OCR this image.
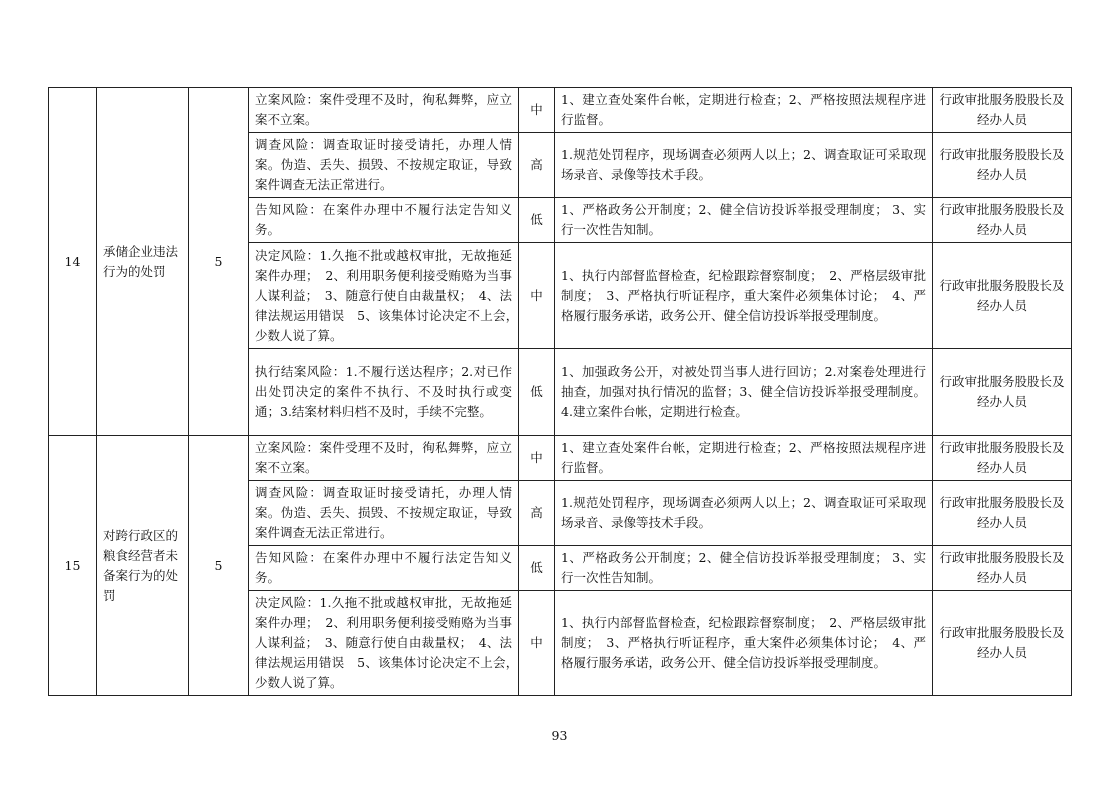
14	承储企业违法行为的处罚	5	立案风险：案件受理不及时，徇私舞弊，应立案不立案。	中	1、建立查处案件台帐，定期进行检查；2、严格按照法规程序进行监督。	行政审批服务股股长及经办人员
			调查风险：调查取证时接受请托，办理人情案。伪造、丢失、损毁、不按规定取证，导致案件调查无法正常进行。	高	1.规范处罚程序，现场调查必须两人以上；2、调查取证可采取现场录音、录像等技术手段。	行政审批服务股股长及经办人员
			告知风险：在案件办理中不履行法定告知义务。	低	1、严格政务公开制度；2、健全信访投诉举报受理制度； 3、实行一次性告知制。	行政审批服务股股长及经办人员
			决定风险：1.久拖不批或越权审批，无故拖延案件办理；　2、利用职务便利接受贿赂为当事人谋利益；　3、随意行使自由裁量权；　4、法律法规运用错误　5、该集体讨论决定不上会，　少数人说了算。	中	1、执行内部督监督检查，纪检跟踪督察制度；　2、严格层级审批制度；　3、严格执行听证程序，重大案件必须集体讨论；　4、严格履行服务承诺，政务公开、健全信访投诉举报受理制度。	行政审批服务股股长及经办人员
			执行结案风险：1.不履行送达程序；2.对已作出处罚决定的案件不执行、不及时执行或变通；3.结案材料归档不及时，手续不完整。	低	1、加强政务公开，对被处罚当事人进行回访；2.对案卷处理进行抽查，加强对执行情况的监督；3、健全信访投诉举报受理制度。4.建立案件台帐，定期进行检查。	行政审批服务股股长及经办人员
15	对跨行政区的粮食经营者未备案行为的处罚	5	立案风险：案件受理不及时，徇私舞弊，应立案不立案。	中	1、建立查处案件台帐，定期进行检查；2、严格按照法规程序进行监督。	行政审批服务股股长及经办人员
			调查风险：调查取证时接受请托，办理人情案。伪造、丢失、损毁、不按规定取证，导致案件调查无法正常进行。	高	1.规范处罚程序，现场调查必须两人以上；2、调查取证可采取现场录音、录像等技术手段。	行政审批服务股股长及经办人员
			告知风险：在案件办理中不履行法定告知义务。	低	1、严格政务公开制度；2、健全信访投诉举报受理制度； 3、实行一次性告知制。	行政审批服务股股长及经办人员
			决定风险：1.久拖不批或越权审批，无故拖延案件办理；　2、利用职务便利接受贿赂为当事人谋利益；　3、随意行使自由裁量权；　4、法律法规运用错误　5、该集体讨论决定不上会，　少数人说了算。	中	1、执行内部督监督检查，纪检跟踪督察制度；　2、严格层级审批制度；　3、严格执行听证程序，重大案件必须集体讨论；　4、严格履行服务承诺，政务公开、健全信访投诉举报受理制度。	行政审批服务股股长及经办人员
93
